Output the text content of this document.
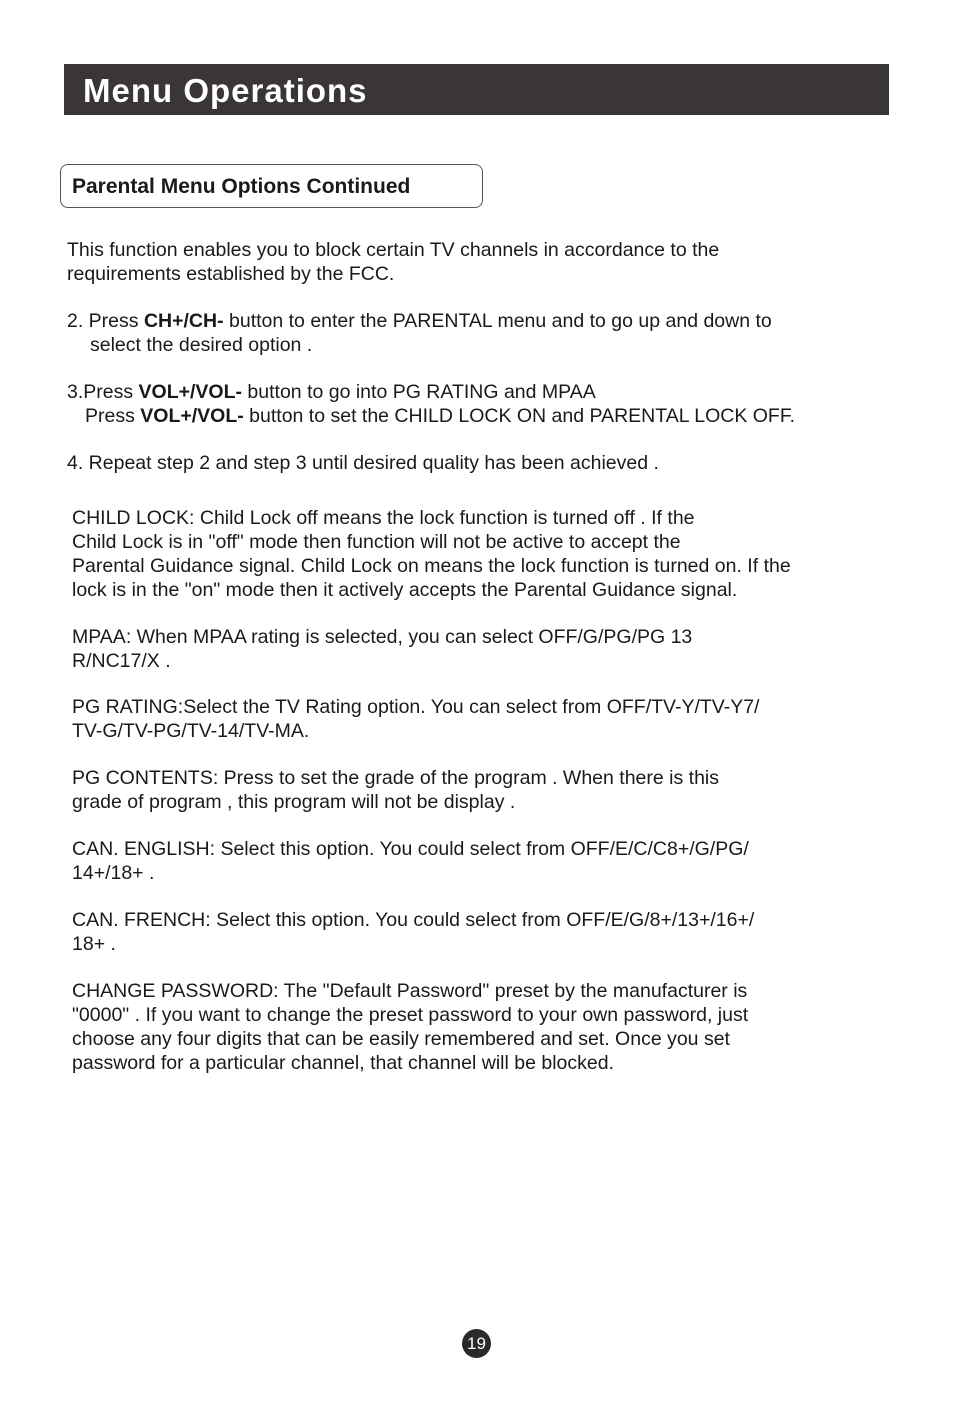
Menu Operations
Parental Menu Options Continued
This function enables you to block certain TV channels in accordance to the
requirements established by the FCC.
2. Press CH+/CH- button to enter the PARENTAL menu and to go up and down to
select the desired option .
3.Press VOL+/VOL- button to go into PG RATING and MPAA
Press VOL+/VOL- button to set the CHILD LOCK ON and PARENTAL LOCK OFF.
4. Repeat step 2 and step 3 until desired quality has been achieved .
CHILD LOCK: Child Lock off means the lock function is turned off . If the
Child Lock is in "off" mode then function will not be active to accept the
Parental Guidance signal. Child Lock on means the lock function is turned on. If the
lock is in the "on" mode then it actively accepts the Parental Guidance signal.
MPAA: When MPAA rating is selected, you can select OFF/G/PG/PG 13
R/NC17/X .
PG RATING:Select the TV Rating option. You can select from OFF/TV-Y/TV-Y7/
TV-G/TV-PG/TV-14/TV-MA.
PG CONTENTS: Press to set the grade of the program . When there is this
grade of program , this program will not be display .
CAN. ENGLISH: Select this option. You could select from OFF/E/C/C8+/G/PG/
14+/18+ .
CAN. FRENCH: Select this option. You could select from OFF/E/G/8+/13+/16+/
18+ .
CHANGE PASSWORD: The "Default Password" preset by the manufacturer is
"0000" . If you want to change the preset password to your own password, just
choose any four digits that can be easily remembered and set. Once you set
password for a particular channel, that channel will be blocked.
19
